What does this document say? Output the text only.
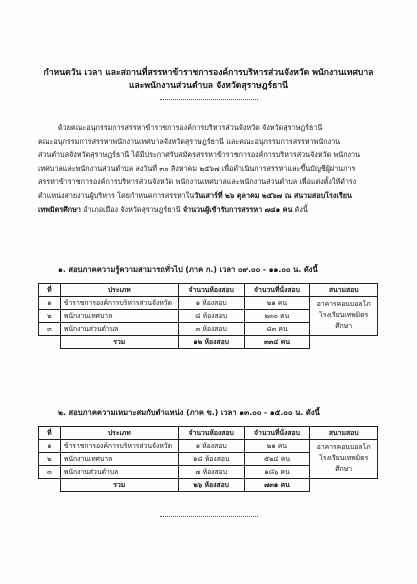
กำหนดวัน เวลา และสถานที่สรรหาข้าราชการองค์การบริหารส่วนจังหวัด พนักงานเทศบาล
และพนักงานส่วนตำบล จังหวัดสุราษฎร์ธานี
ด้วยคณะอนุกรรมการสรรหาข้าราชการองค์การบริหารส่วนจังหวัด จังหวัดสุราษฎร์ธานี
คณะอนุกรรมการสรรหาพนักงานเทศบาลจังหวัดสุราษฎร์ธานี และคณะอนุกรรมการสรรหาพนักงาน
ส่วนตำบลจังหวัดสุราษฎร์ธานี ได้มีประกาศรับสมัครสรรหาข้าราชการองค์การบริหารส่วนจังหวัด พนักงาน
เทศบาลและพนักงานส่วนตำบล ลงวันที่ ๓๐ สิงหาคม ๒๕๖๗ เพื่อดำเนินการสรรหาและขึ้นบัญชีผู้ผ่านการ
สรรหาข้าราชการองค์การบริหารส่วนจังหวัด พนักงานเทศบาลและพนักงานส่วนตำบล เพื่อแต่งตั้งให้ดำรง
ตำแหน่งสายงานผู้บริหาร โดยกำหนดการสรรหาในวันเสาร์ที่ ๒๖ ตุลาคม ๒๕๖๗ ณ สนามสอบโรงเรียน
เทพมิตรศึกษา อำเภอเมือง จังหวัดสุราษฎร์ธานี จำนวนผู้เข้ารับการสรรหา ๗๘๑ คน ดังนี้
๑. สอบภาคความรู้ความสามารถทั่วไป (ภาค ก.) เวลา ๐๙.๐๐ - ๑๑.๐๐ น. ดังนี้
ที่	ประเภท	จำนวนห้องสอบ	จำนวนที่นั่งสอบ	สนามสอบ
๑	ข้าราชการองค์การบริหารส่วนจังหวัด	๑ ห้องสอบ	๒๑ คน	อาคารคอนบอลโภ โรงเรียนเทพมิตร ศึกษา
๒	พนักงานเทศบาล	๘ ห้องสอบ	๒๓๐ คน	
๓	พนักงานส่วนตำบล	๓ ห้องสอบ	๘๓ คน	
	รวม	๑๒ ห้องสอบ	๓๓๔ คน	
๒. สอบภาคความเหมาะสมกับตำแหน่ง (ภาค ข.) เวลา ๑๓.๐๐ - ๑๕.๐๐ น. ดังนี้
ที่	ประเภท	จำนวนห้องสอบ	จำนวนที่นั่งสอบ	สนามสอบ
๑	ข้าราชการองค์การบริหารส่วนจังหวัด	๑ ห้องสอบ	๒๑ คน	อาคารคอนบอลโภ โรงเรียนเทพมิตร ศึกษา
๒	พนักงานเทศบาล	๑๘ ห้องสอบ	๕๒๔ คน	
๓	พนักงานส่วนตำบล	๗ ห้องสอบ	๑๘๖ คน	
	รวม	๒๖ ห้องสอบ	๗๓๑ คน	
